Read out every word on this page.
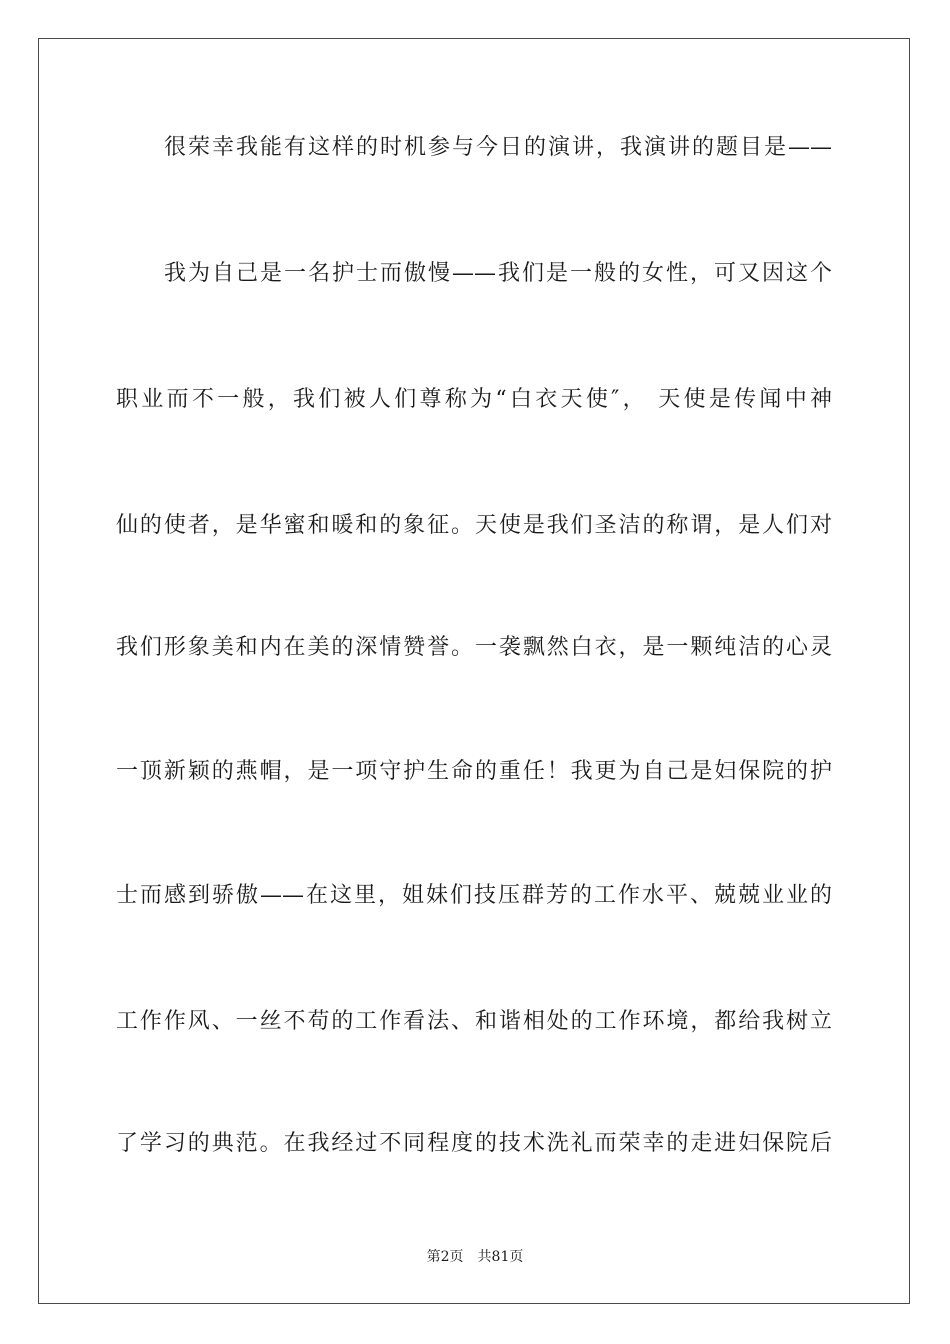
很荣幸我能有这样的时机参与今日的演讲，我演讲的题目是——
我为自己是一名护士而傲慢——我们是一般的女性，可又因这个
职业而不一般，我们被人们尊称为“白衣天使″， 天使是传闻中神
仙的使者，是华蜜和暖和的象征。天使是我们圣洁的称谓，是人们对
我们形象美和内在美的深情赞誉。一袭飘然白衣，是一颗纯洁的心灵
一顶新颖的燕帽，是一项守护生命的重任！我更为自己是妇保院的护
士而感到骄傲——在这里，姐妹们技压群芳的工作水平、兢兢业业的
工作作风、一丝不苟的工作看法、和谐相处的工作环境，都给我树立
了学习的典范。在我经过不同程度的技术洗礼而荣幸的走进妇保院后
第2页 共81页
